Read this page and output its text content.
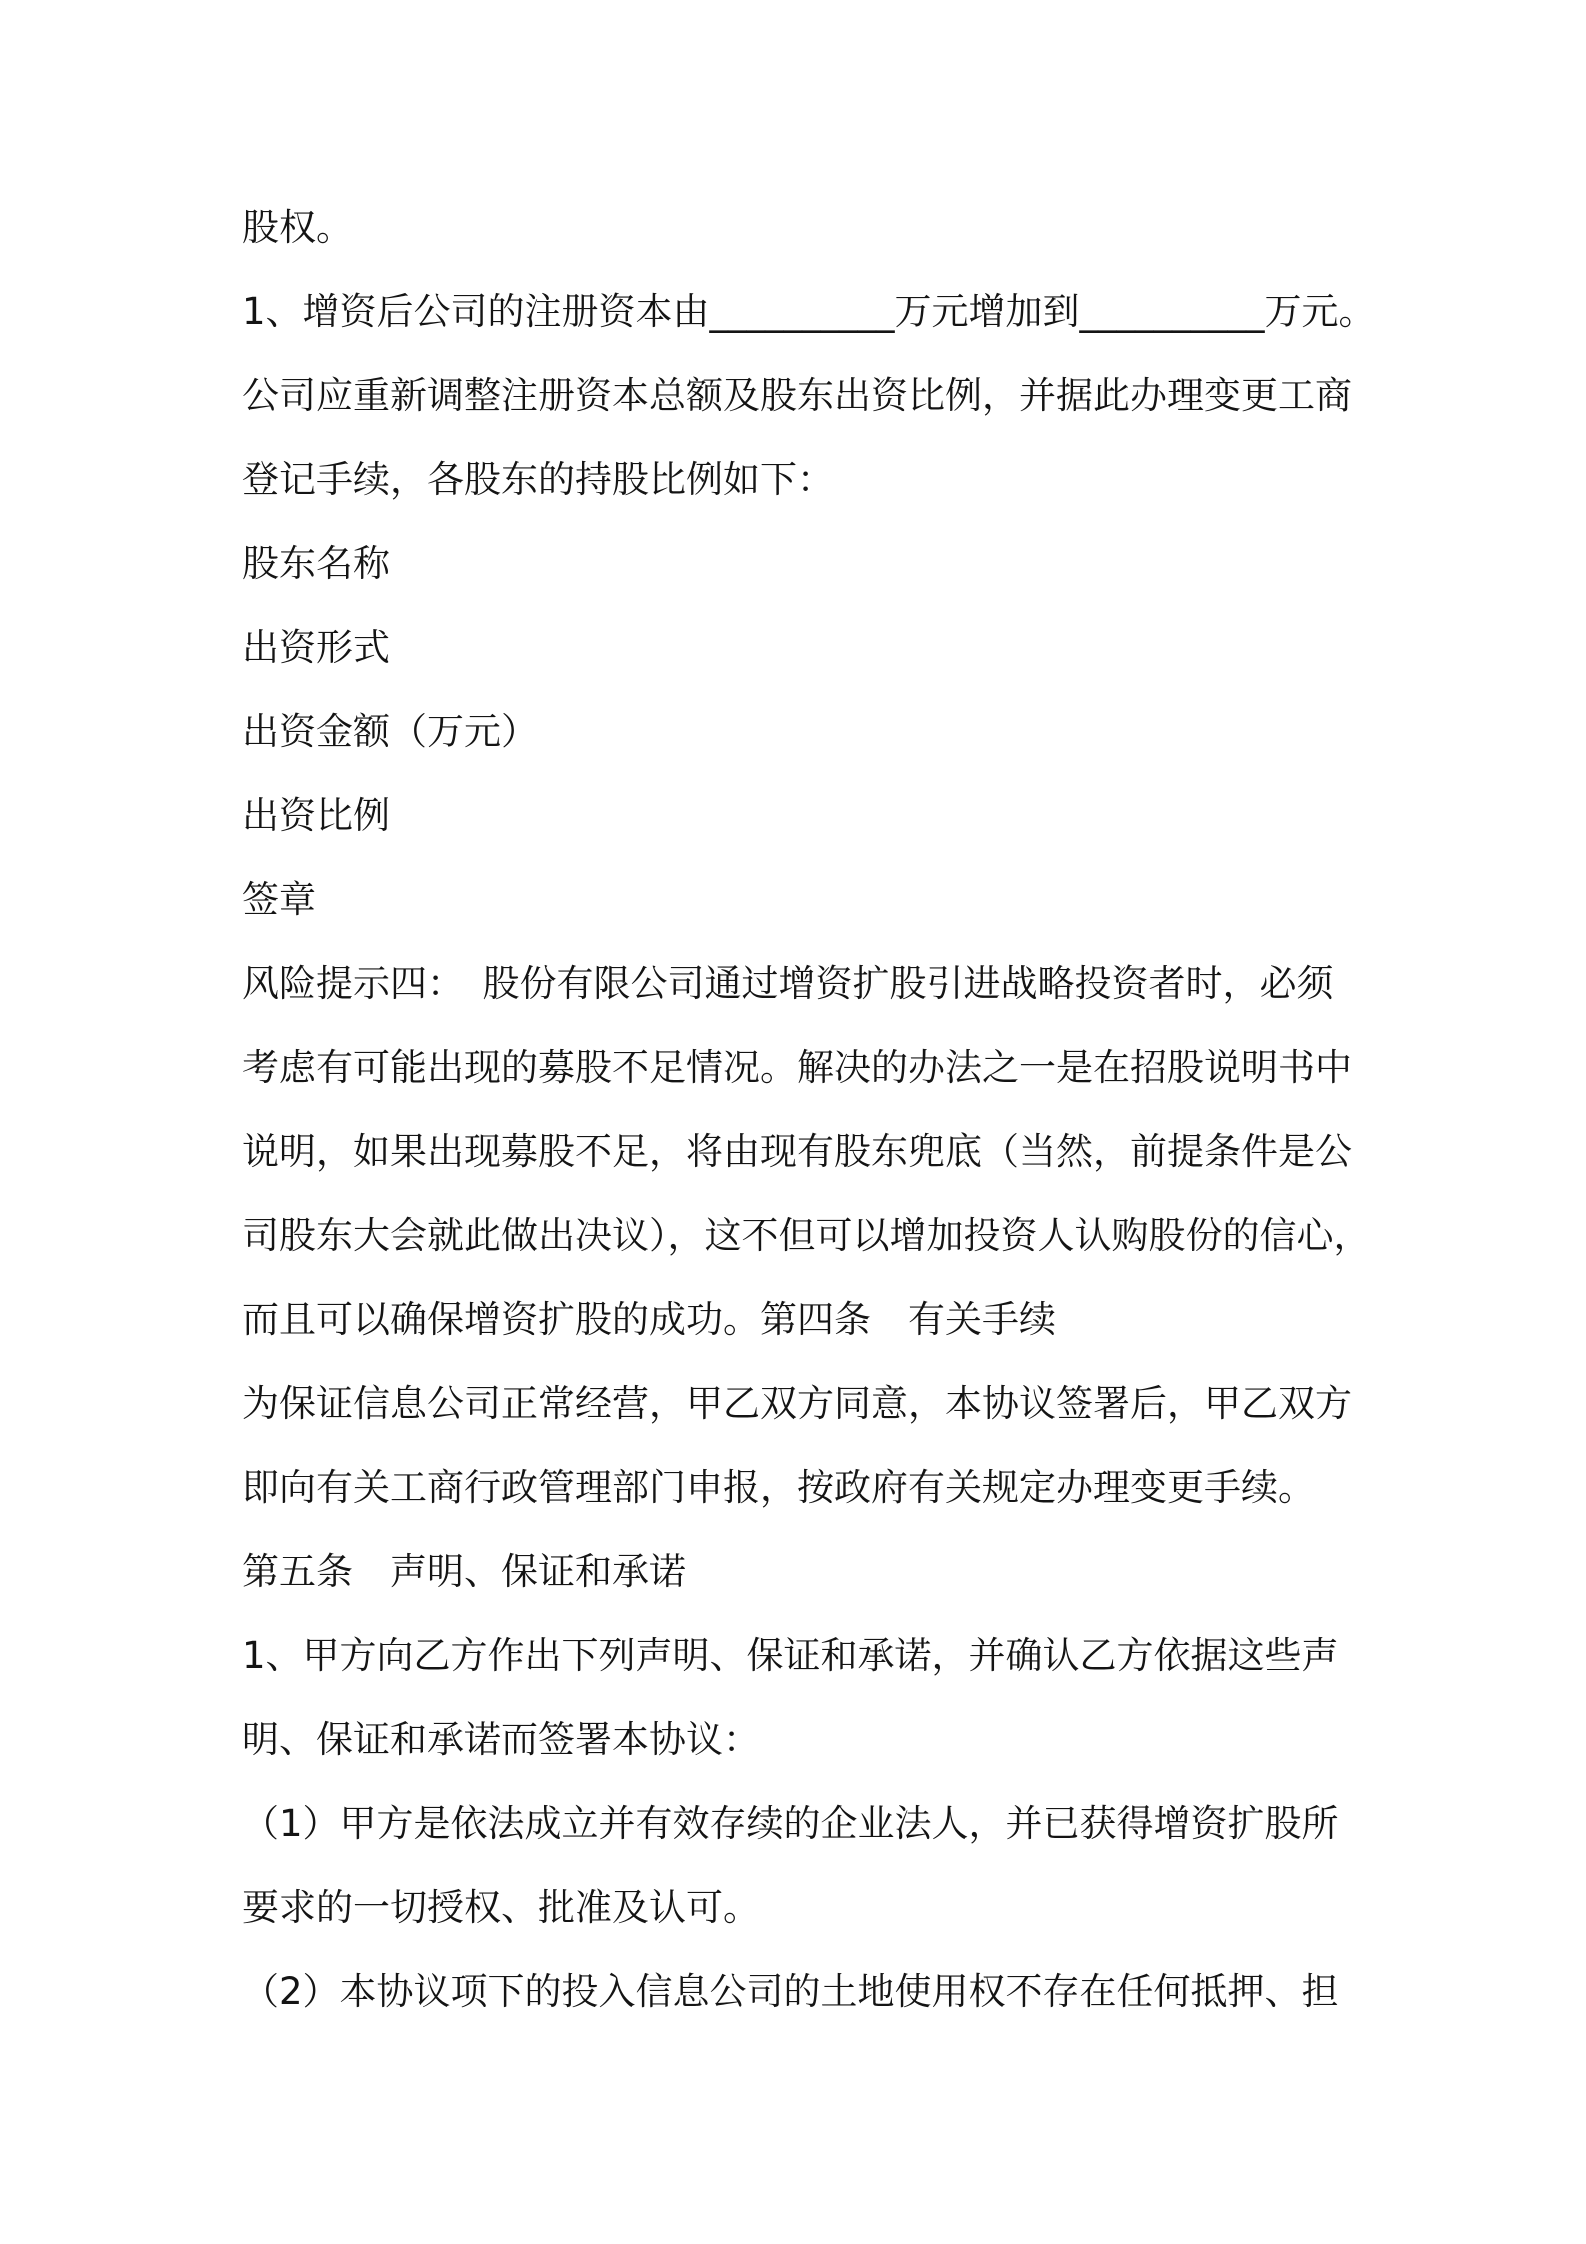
股权。
1、增资后公司的注册资本由__________万元增加到__________万元。
公司应重新调整注册资本总额及股东出资比例，并据此办理变更工商
登记手续，各股东的持股比例如下：
股东名称
出资形式
出资金额（万元）
出资比例
签章
风险提示四：　股份有限公司通过增资扩股引进战略投资者时，必须
考虑有可能出现的募股不足情况。解决的办法之一是在招股说明书中
说明，如果出现募股不足，将由现有股东兜底（当然，前提条件是公
司股东大会就此做出决议），这不但可以增加投资人认购股份的信心，
而且可以确保增资扩股的成功。第四条　有关手续
为保证信息公司正常经营，甲乙双方同意，本协议签署后，甲乙双方
即向有关工商行政管理部门申报，按政府有关规定办理变更手续。
第五条　声明、保证和承诺
1、甲方向乙方作出下列声明、保证和承诺，并确认乙方依据这些声
明、保证和承诺而签署本协议：
（1）甲方是依法成立并有效存续的企业法人，并已获得增资扩股所
要求的一切授权、批准及认可。
（2）本协议项下的投入信息公司的土地使用权不存在任何抵押、担
